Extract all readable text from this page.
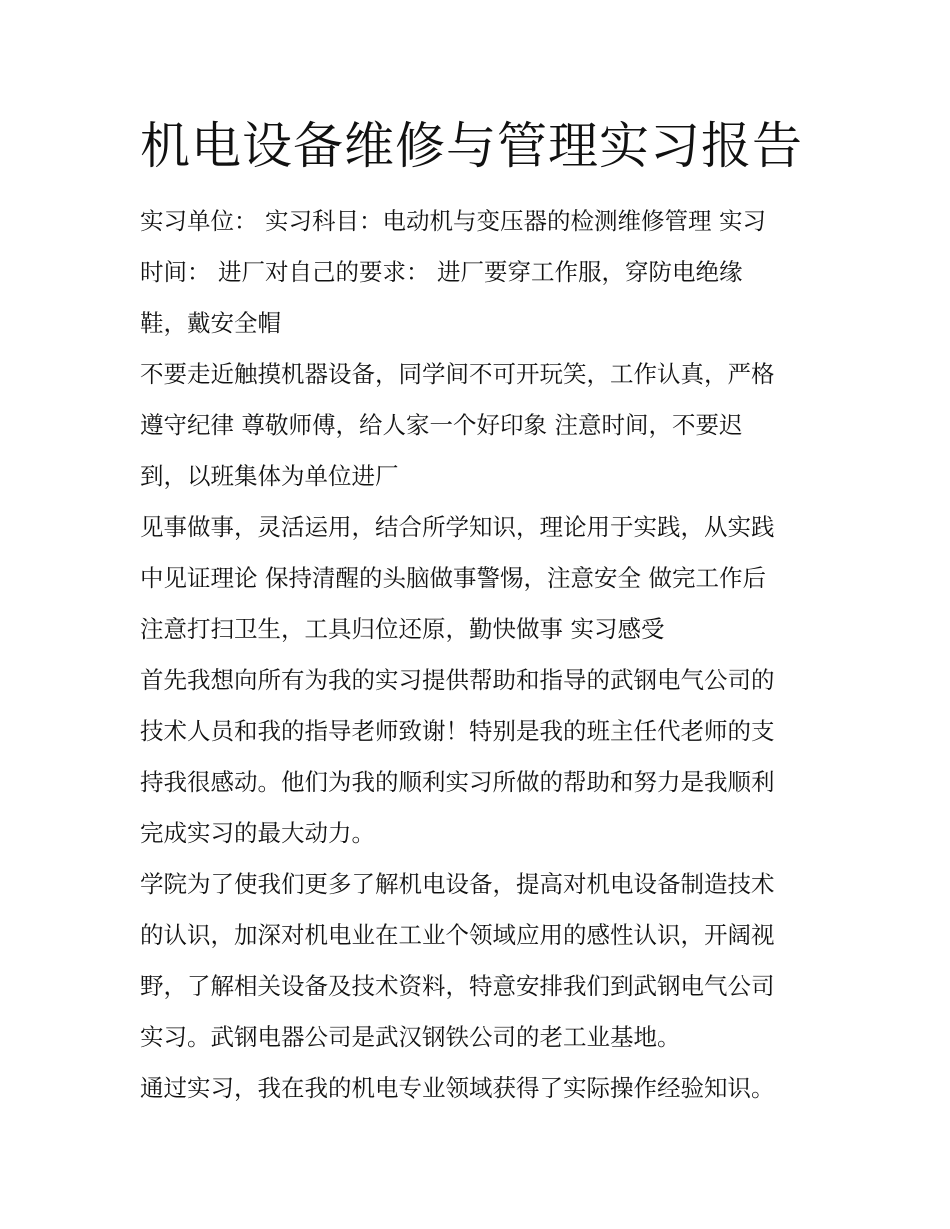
机电设备维修与管理实习报告
实习单位： 实习科目：电动机与变压器的检测维修管理 实习
时间： 进厂对自己的要求： 进厂要穿工作服，穿防电绝缘
鞋，戴安全帽
不要走近触摸机器设备，同学间不可开玩笑，工作认真，严格
遵守纪律 尊敬师傅，给人家一个好印象 注意时间，不要迟
到，以班集体为单位进厂
见事做事，灵活运用，结合所学知识，理论用于实践，从实践
中见证理论 保持清醒的头脑做事警惕，注意安全 做完工作后
注意打扫卫生，工具归位还原，勤快做事 实习感受
首先我想向所有为我的实习提供帮助和指导的武钢电气公司的
技术人员和我的指导老师致谢！特别是我的班主任代老师的支
持我很感动。他们为我的顺利实习所做的帮助和努力是我顺利
完成实习的最大动力。
学院为了使我们更多了解机电设备，提高对机电设备制造技术
的认识，加深对机电业在工业个领域应用的感性认识，开阔视
野，了解相关设备及技术资料，特意安排我们到武钢电气公司
实习。武钢电器公司是武汉钢铁公司的老工业基地。
通过实习，我在我的机电专业领域获得了实际操作经验知识。
